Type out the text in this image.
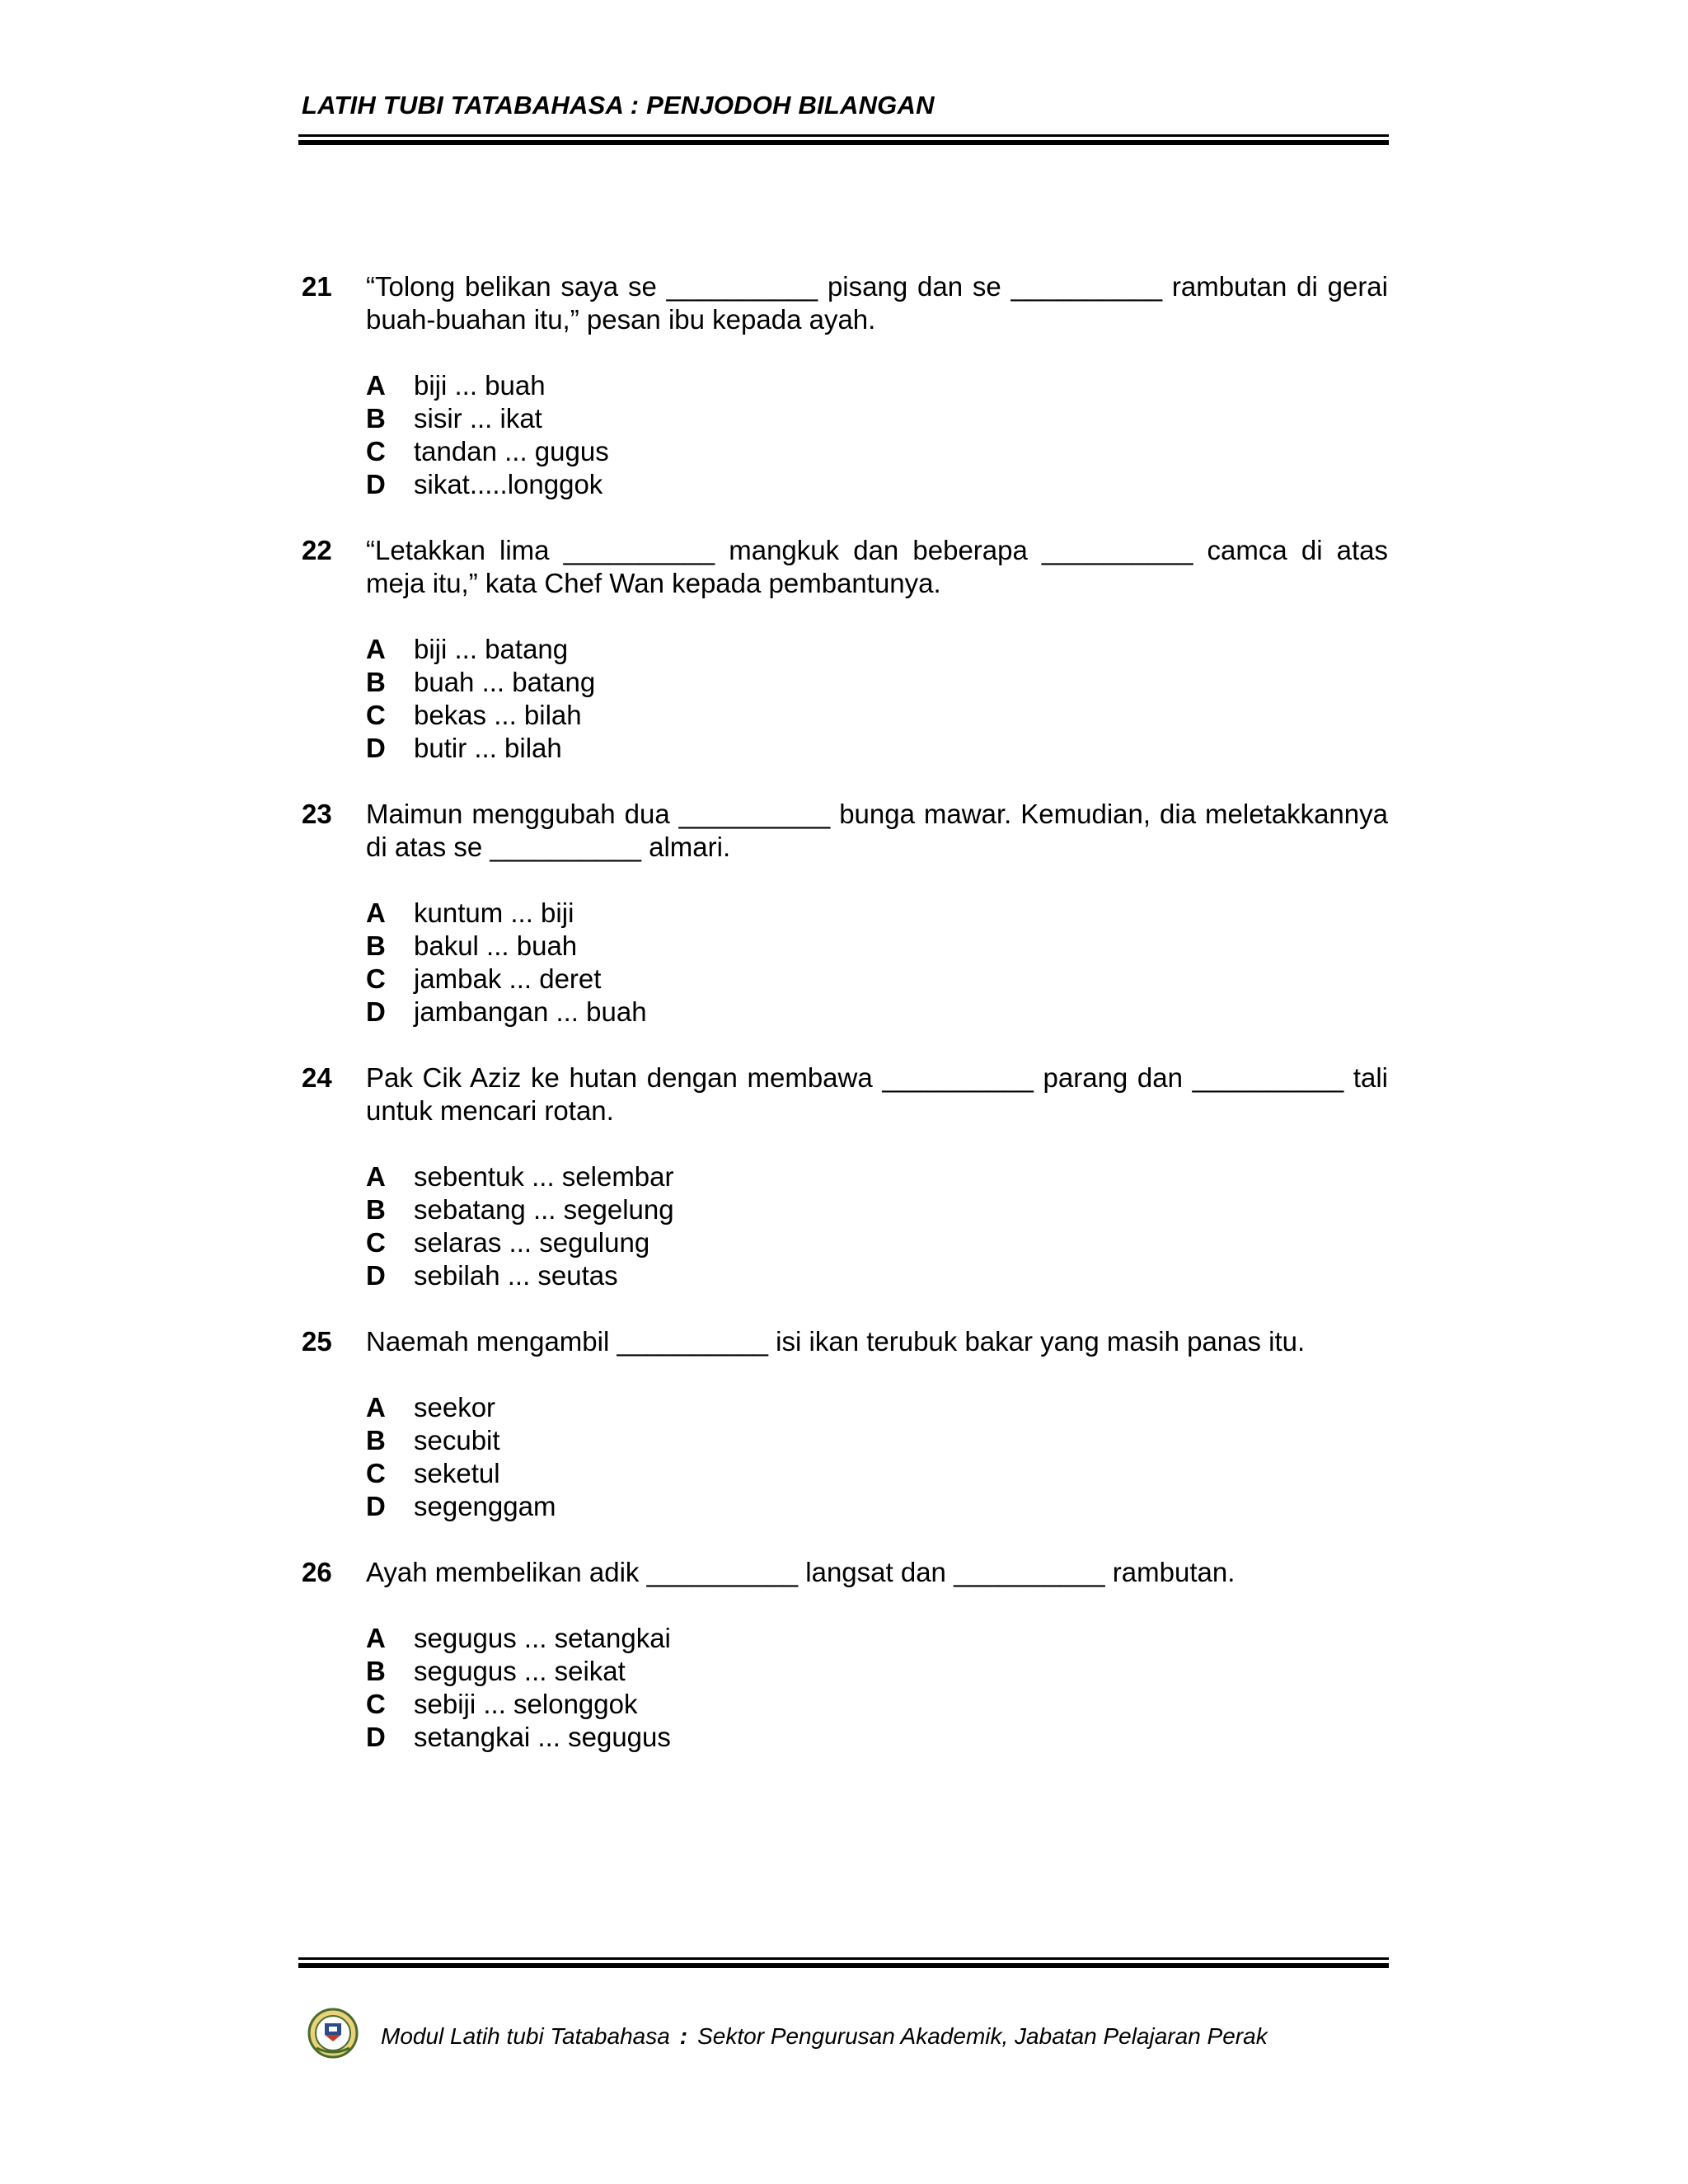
LATIH TUBI TATABAHASA : PENJODOH BILANGAN
21 “Tolong belikan saya se __________ pisang dan se __________ rambutan di gerai buah-buahan itu,” pesan ibu kepada ayah.
A	biji ... buah
B	sisir ... ikat
C	tandan ... gugus
D	sikat.....longgok
22 “Letakkan lima __________ mangkuk dan beberapa __________ camca di atas meja itu,” kata Chef Wan kepada pembantunya.
A	biji ... batang
B	buah ... batang
C	bekas ... bilah
D	butir ... bilah
23 Maimun menggubah dua __________ bunga mawar. Kemudian, dia meletakkannya di atas se __________ almari.
A	kuntum ... biji
B	bakul ... buah
C	jambak ... deret
D	jambangan ... buah
24 Pak Cik Aziz ke hutan dengan membawa __________ parang dan __________ tali untuk mencari rotan.
A	sebentuk ... selembar
B	sebatang ... segelung
C	selaras ... segulung
D	sebilah ... seutas
25 Naemah mengambil __________ isi ikan terubuk bakar yang masih panas itu.
A	seekor
B	secubit
C	seketul
D	segenggam
26 Ayah membelikan adik __________ langsat dan __________ rambutan.
A	segugus ... setangkai
B	segugus ... seikat
C	sebiji ... selonggok
D	setangkai ... segugus
Modul Latih tubi Tatabahasa : Sektor Pengurusan Akademik, Jabatan Pelajaran Perak
